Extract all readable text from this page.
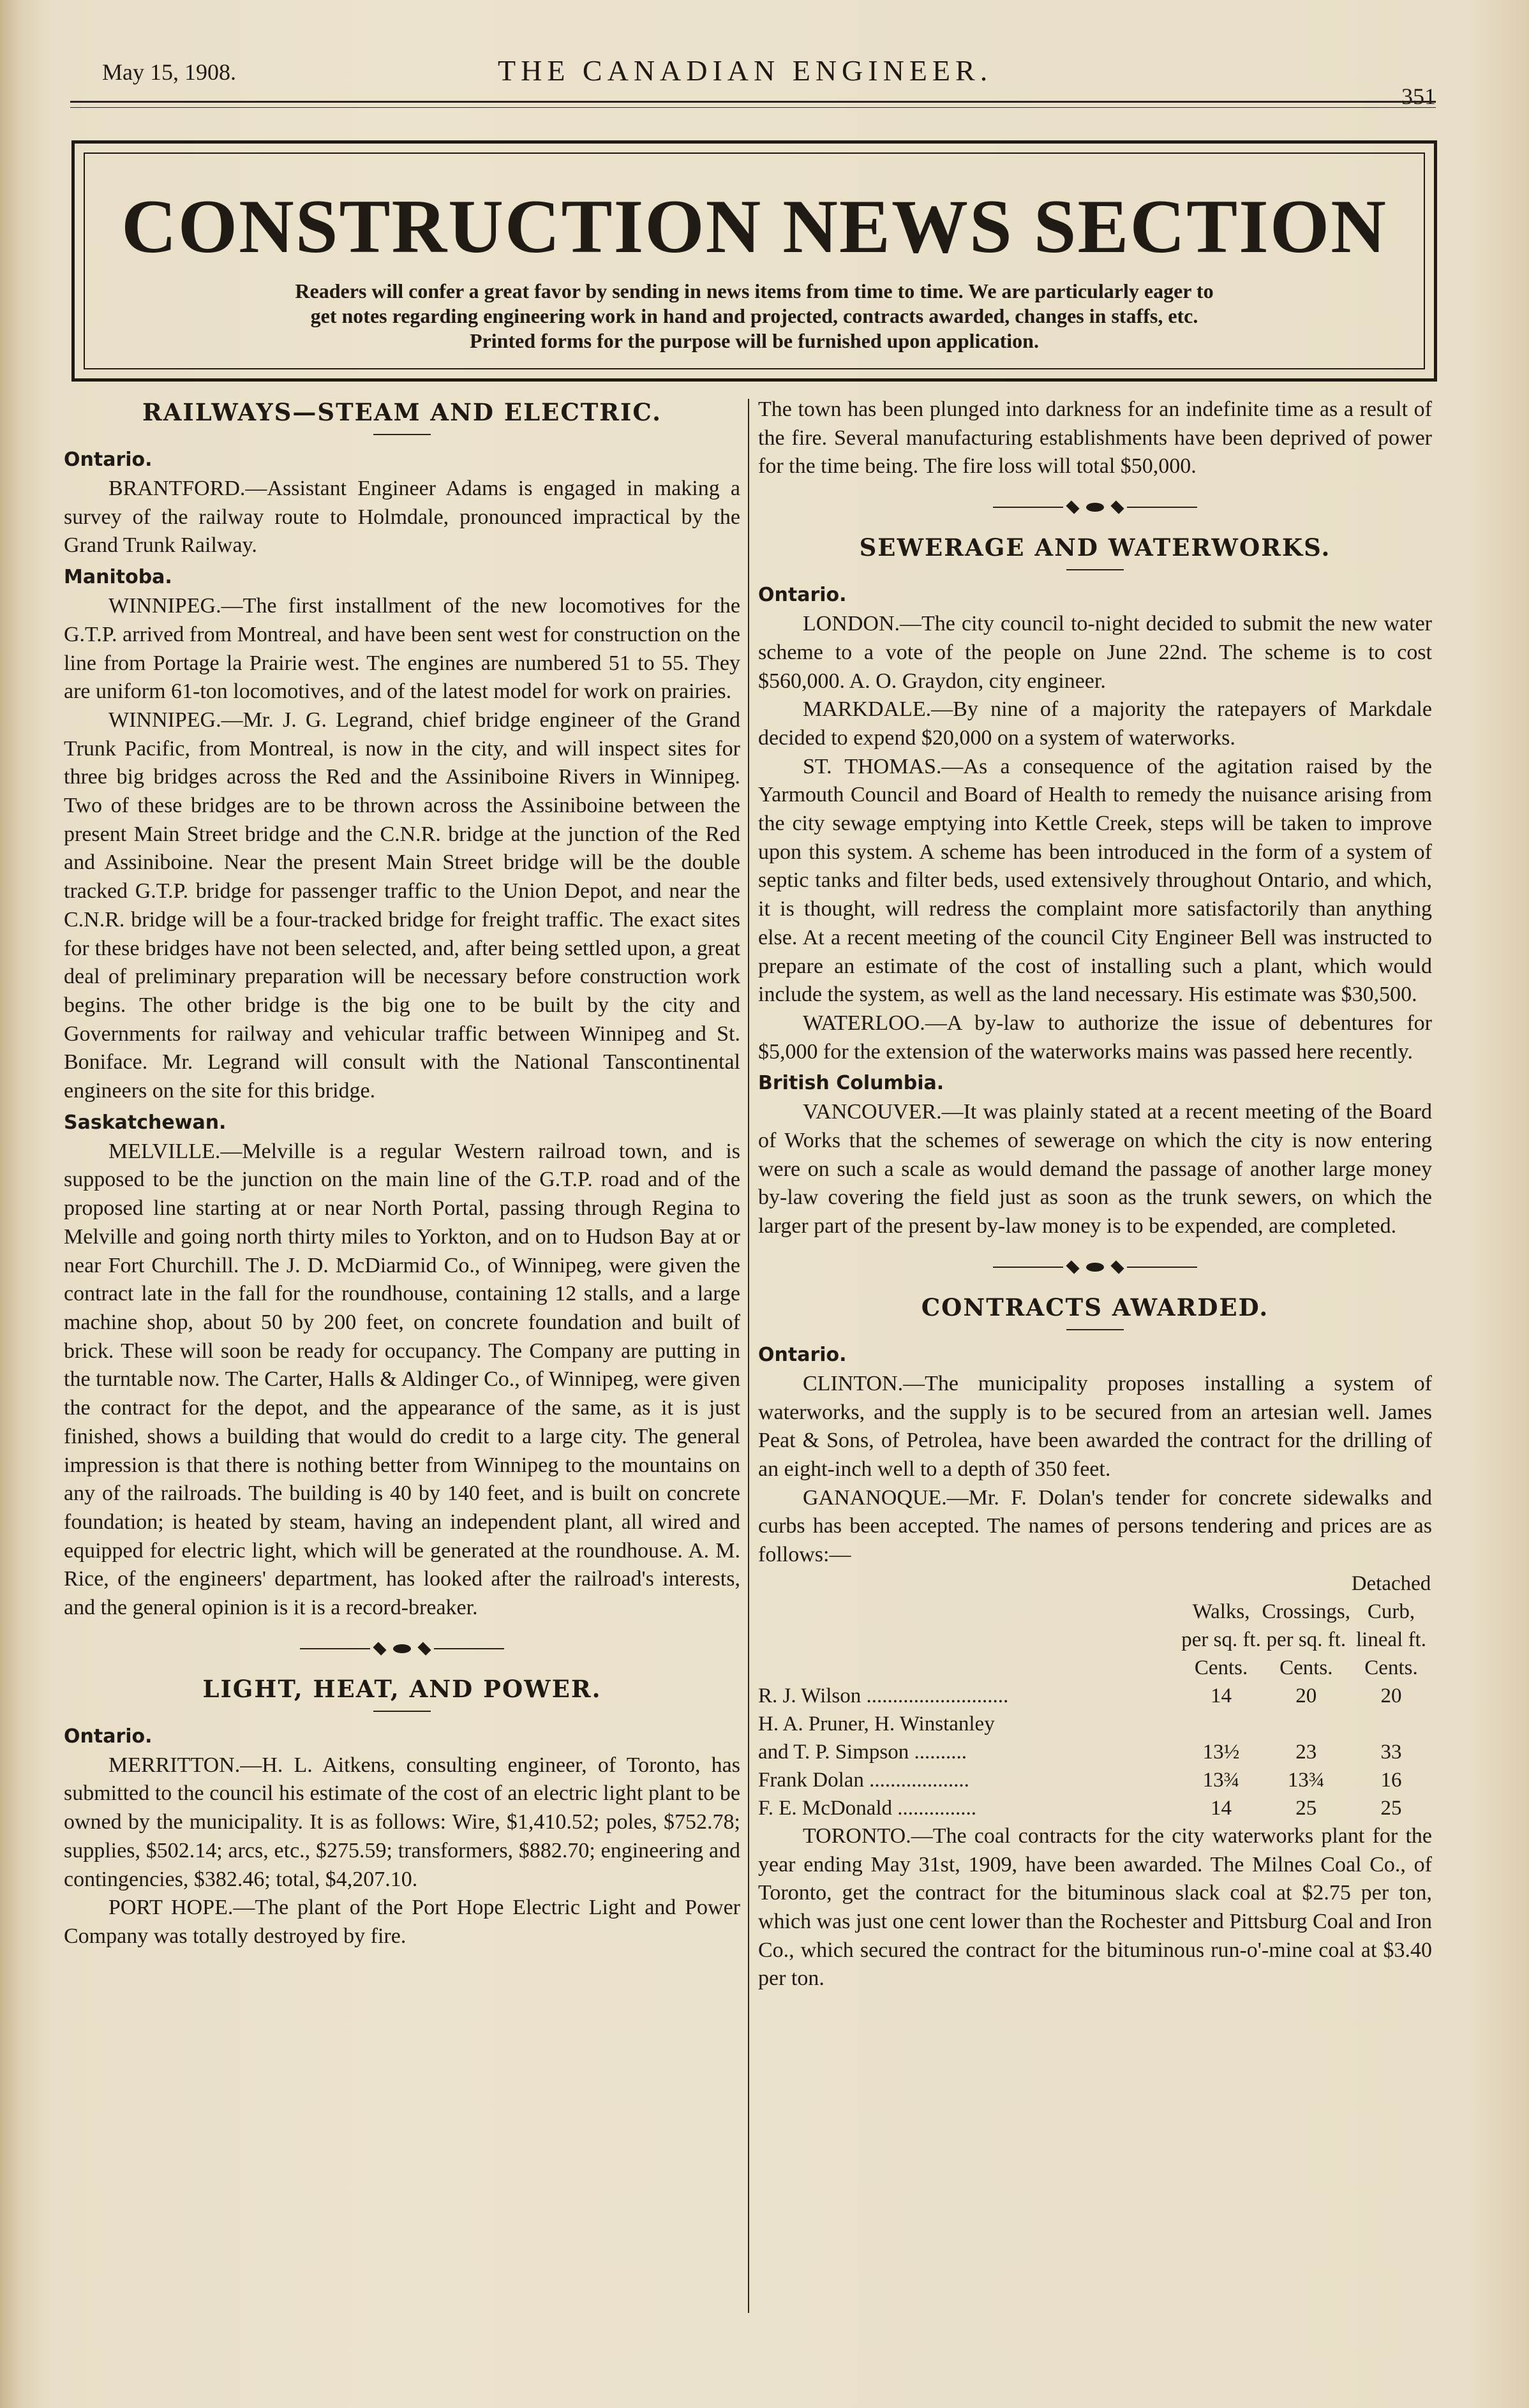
May 15, 1908.	THE CANADIAN ENGINEER.
351
CONSTRUCTION NEWS SECTION
Readers will confer a great favor by sending in news items from time to time. We are particularly eager to
get notes regarding engineering work in hand and projected, contracts awarded, changes in staffs, etc.
Printed forms for the purpose will be furnished upon application.
RAILWAYS—STEAM AND ELECTRIC.
Ontario.

BRANTFORD.—Assistant Engineer Adams is engaged in making a survey of the railway route to Holmdale, pronounced impractical by the Grand Trunk Railway.

Manitoba.

WINNIPEG.—The first installment of the new locomotives for the G.T.P. arrived from Montreal, and have been sent west for construction on the line from Portage la Prairie west. The engines are numbered 51 to 55. They are uniform 61-ton locomotives, and of the latest model for work on prairies.

WINNIPEG.—Mr. J. G. Legrand, chief bridge engineer of the Grand Trunk Pacific, from Montreal, is now in the city, and will inspect sites for three big bridges across the Red and the Assiniboine Rivers in Winnipeg. Two of these bridges are to be thrown across the Assiniboine between the present Main Street bridge and the C.N.R. bridge at the junction of the Red and Assiniboine. Near the present Main Street bridge will be the double tracked G.T.P. bridge for passenger traffic to the Union Depot, and near the C.N.R. bridge will be a four-tracked bridge for freight traffic. The exact sites for these bridges have not been selected, and, after being settled upon, a great deal of preliminary preparation will be necessary before construction work begins. The other bridge is the big one to be built by the city and Governments for railway and vehicular traffic between Winnipeg and St. Boniface. Mr. Legrand will consult with the National Tanscontinental engineers on the site for this bridge.

Saskatchewan.

MELVILLE.—Melville is a regular Western railroad town, and is supposed to be the junction on the main line of the G.T.P. road and of the proposed line starting at or near North Portal, passing through Regina to Melville and going north thirty miles to Yorkton, and on to Hudson Bay at or near Fort Churchill. The J. D. McDiarmid Co., of Winnipeg, were given the contract late in the fall for the roundhouse, containing 12 stalls, and a large machine shop, about 50 by 200 feet, on concrete foundation and built of brick. These will soon be ready for occupancy. The Company are putting in the turntable now. The Carter, Halls & Aldinger Co., of Winnipeg, were given the contract for the depot, and the appearance of the same, as it is just finished, shows a building that would do credit to a large city. The general impression is that there is nothing better from Winnipeg to the mountains on any of the railroads. The building is 40 by 140 feet, and is built on concrete foundation; is heated by steam, having an independent plant, all wired and equipped for electric light, which will be generated at the roundhouse. A. M. Rice, of the engineers' department, has looked after the railroad's interests, and the general opinion is it is a record-breaker.

LIGHT, HEAT, AND POWER.
Ontario.

MERRITTON.—H. L. Aitkens, consulting engineer, of Toronto, has submitted to the council his estimate of the cost of an electric light plant to be owned by the municipality. It is as follows: Wire, $1,410.52; poles, $752.78; supplies, $502.14; arcs, etc., $275.59; transformers, $882.70; engineering and contingencies, $382.46; total, $4,207.10.

PORT HOPE.—The plant of the Port Hope Electric Light and Power Company was totally destroyed by fire.

The town has been plunged into darkness for an indefinite time as a result of the fire. Several manufacturing establishments have been deprived of power for the time being. The fire loss will total $50,000.

SEWERAGE AND WATERWORKS.
Ontario.

LONDON.—The city council to-night decided to submit the new water scheme to a vote of the people on June 22nd. The scheme is to cost $560,000. A. O. Graydon, city engineer.

MARKDALE.—By nine of a majority the ratepayers of Markdale decided to expend $20,000 on a system of waterworks.

ST. THOMAS.—As a consequence of the agitation raised by the Yarmouth Council and Board of Health to remedy the nuisance arising from the city sewage emptying into Kettle Creek, steps will be taken to improve upon this system. A scheme has been introduced in the form of a system of septic tanks and filter beds, used extensively throughout Ontario, and which, it is thought, will redress the complaint more satisfactorily than anything else. At a recent meeting of the council City Engineer Bell was instructed to prepare an estimate of the cost of installing such a plant, which would include the system, as well as the land necessary. His estimate was $30,500.

WATERLOO.—A by-law to authorize the issue of debentures for $5,000 for the extension of the waterworks mains was passed here recently.

British Columbia.

VANCOUVER.—It was plainly stated at a recent meeting of the Board of Works that the schemes of sewerage on which the city is now entering were on such a scale as would demand the passage of another large money by-law covering the field just as soon as the trunk sewers, on which the larger part of the present by-law money is to be expended, are completed.

CONTRACTS AWARDED.
Ontario.

CLINTON.—The municipality proposes installing a system of waterworks, and the supply is to be secured from an artesian well. James Peat & Sons, of Petrolea, have been awarded the contract for the drilling of an eight-inch well to a depth of 350 feet.

GANANOQUE.—Mr. F. Dolan's tender for concrete sidewalks and curbs has been accepted. The names of persons tendering and prices are as follows:—

			Detached
	Walks,	Crossings,	Curb,
	per sq. ft.	per sq. ft.	lineal ft.
	Cents.	Cents.	Cents.
R. J. Wilson ...........................	14	20	20
H. A. Pruner, H. Winstanley			
and T. P. Simpson ..........	13½	23	33
Frank Dolan ...................	13¾	13¾	16
F. E. McDonald ...............	14	25	25

TORONTO.—The coal contracts for the city waterworks plant for the year ending May 31st, 1909, have been awarded. The Milnes Coal Co., of Toronto, get the contract for the bituminous slack coal at $2.75 per ton, which was just one cent lower than the Rochester and Pittsburg Coal and Iron Co., which secured the contract for the bituminous run-o'-mine coal at $3.40 per ton.
